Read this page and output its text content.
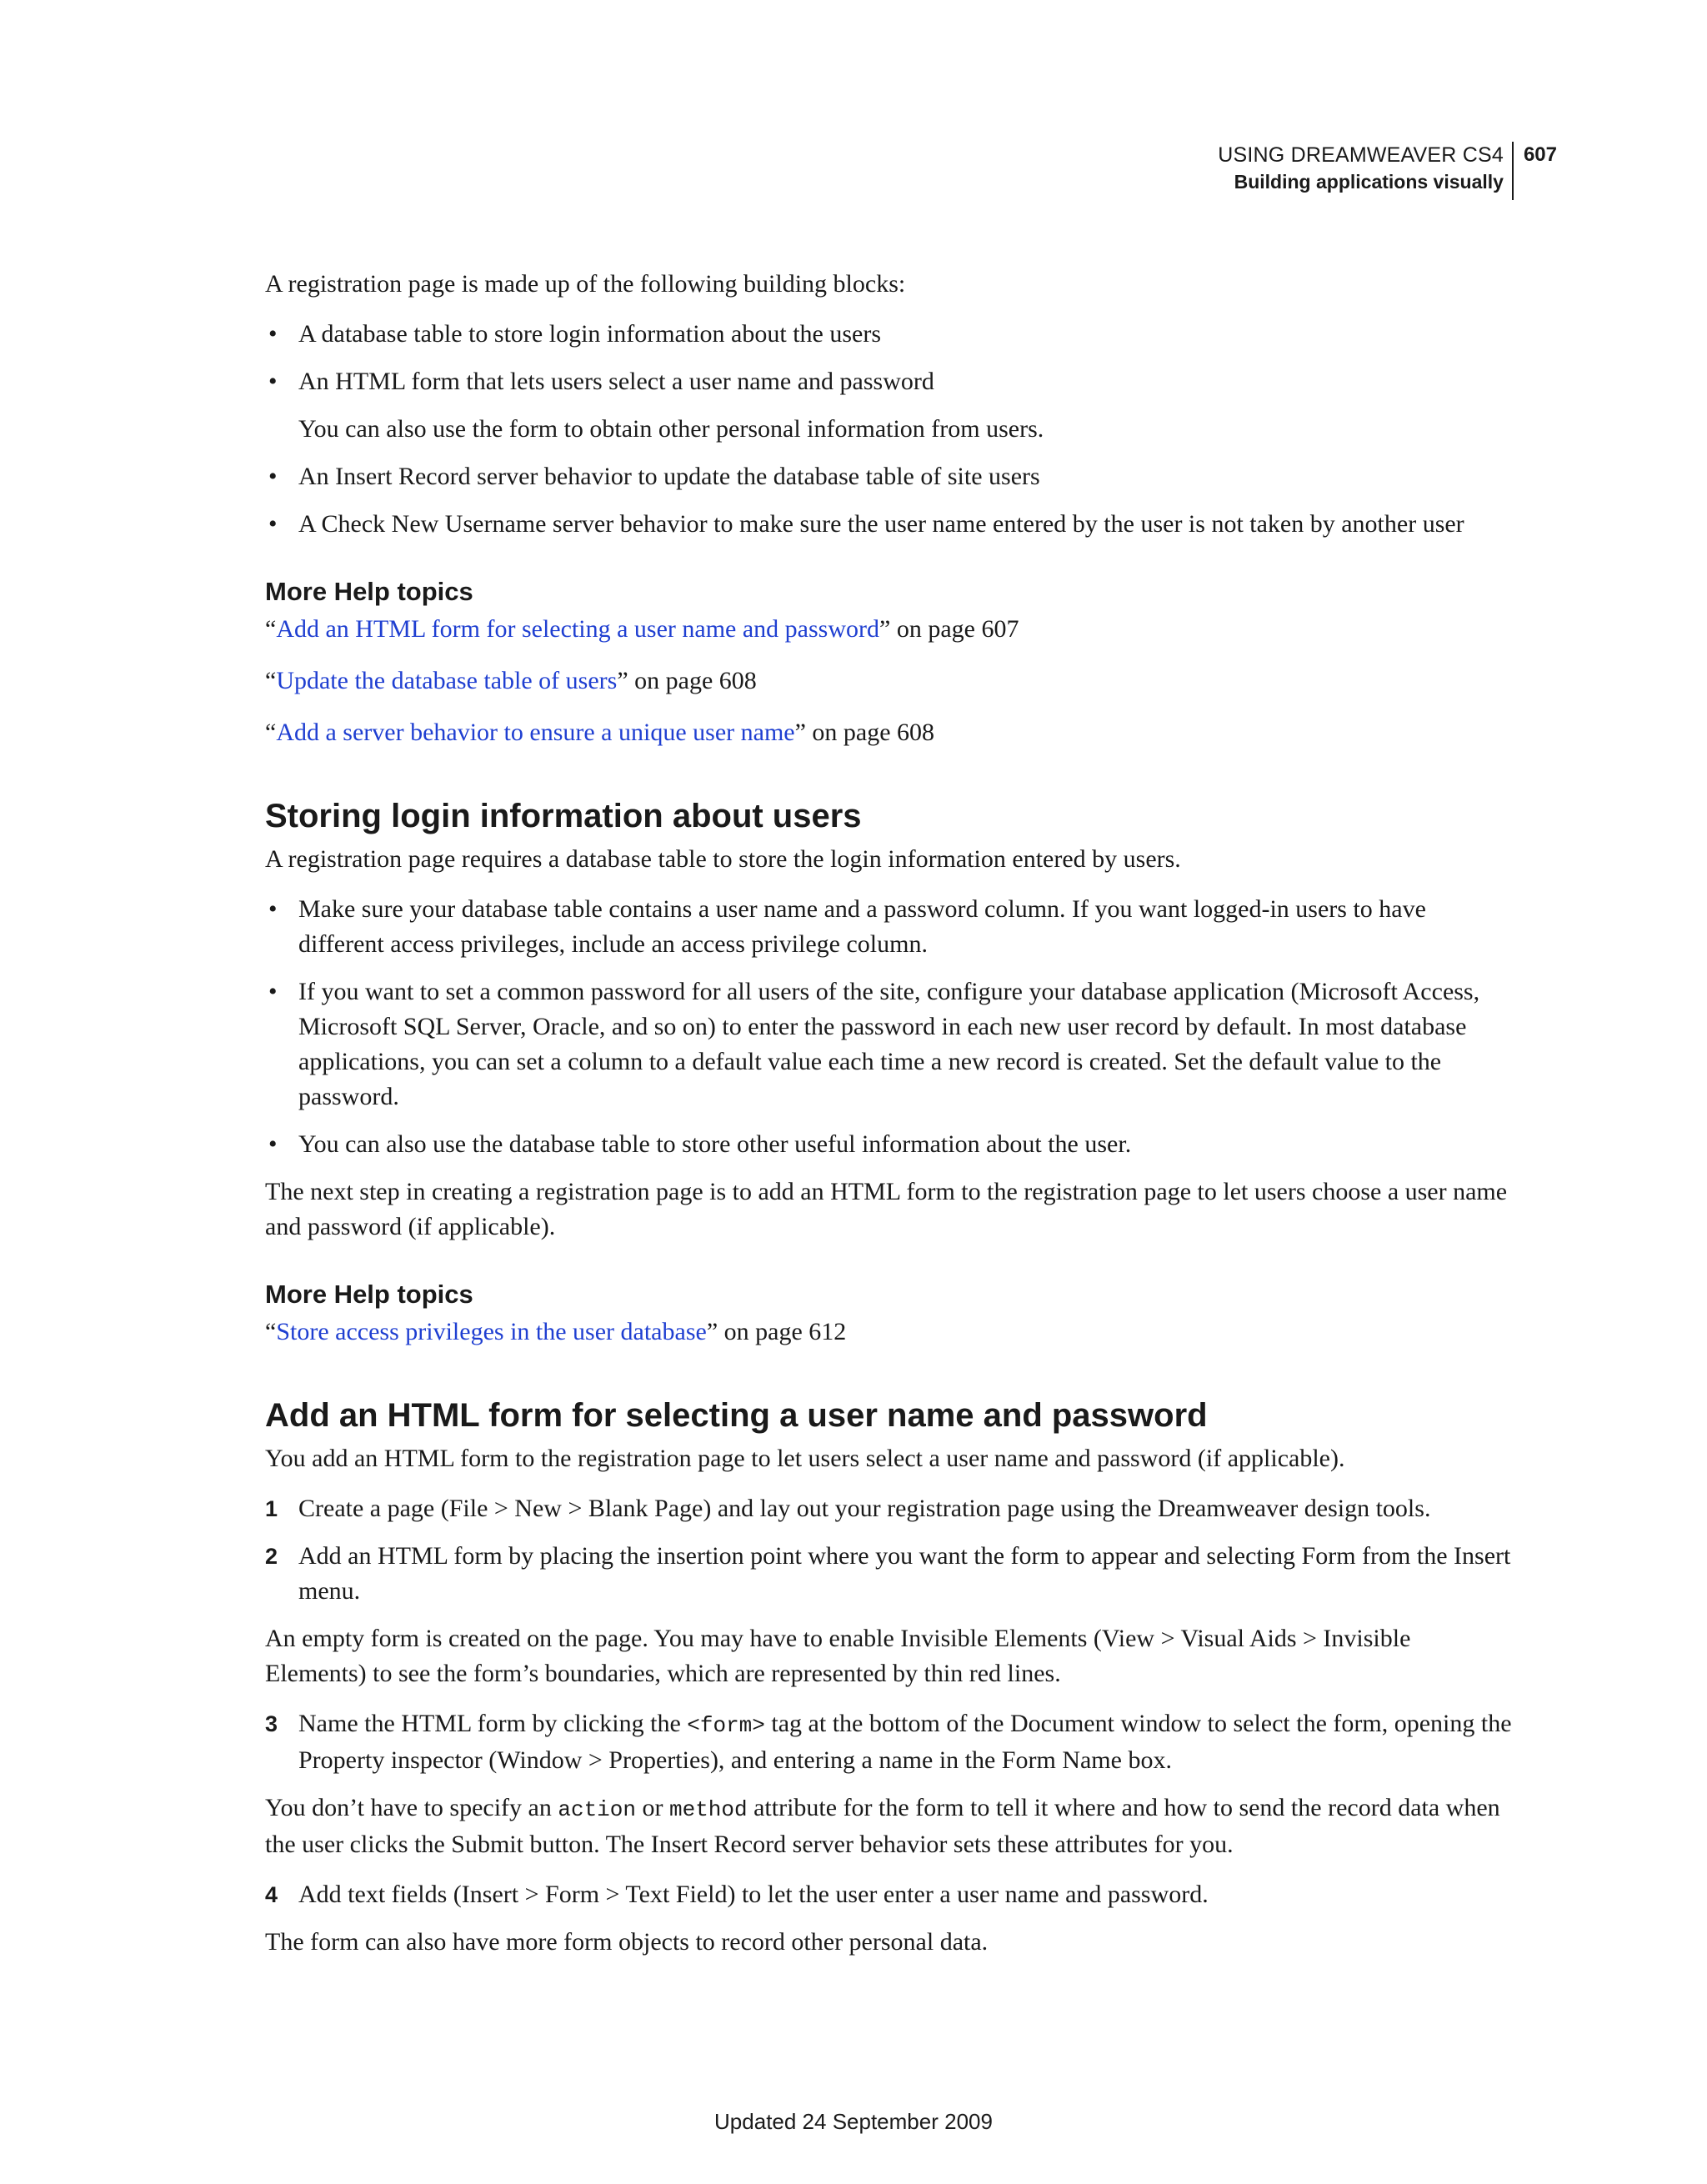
USING DREAMWEAVER CS4
Building applications visually
607

A registration page is made up of the following building blocks:

• A database table to store login information about the users
• An HTML form that lets users select a user name and password

You can also use the form to obtain other personal information from users.

• An Insert Record server behavior to update the database table of site users
• A Check New Username server behavior to make sure the user name entered by the user is not taken by another user
More Help topics

“Add an HTML form for selecting a user name and password” on page 607

“Update the database table of users” on page 608

“Add a server behavior to ensure a unique user name” on page 608

Storing login information about users

A registration page requires a database table to store the login information entered by users.

• Make sure your database table contains a user name and a password column. If you want logged-in users to have different access privileges, include an access privilege column.
• If you want to set a common password for all users of the site, configure your database application (Microsoft Access, Microsoft SQL Server, Oracle, and so on) to enter the password in each new user record by default. In most database applications, you can set a column to a default value each time a new record is created. Set the default value to the password.
• You can also use the database table to store other useful information about the user.

The next step in creating a registration page is to add an HTML form to the registration page to let users choose a user name and password (if applicable).

More Help topics

“Store access privileges in the user database” on page 612

Add an HTML form for selecting a user name and password

You add an HTML form to the registration page to let users select a user name and password (if applicable).

1 Create a page (File > New > Blank Page) and lay out your registration page using the Dreamweaver design tools.
2 Add an HTML form by placing the insertion point where you want the form to appear and selecting Form from the Insert menu.

An empty form is created on the page. You may have to enable Invisible Elements (View > Visual Aids > Invisible Elements) to see the form’s boundaries, which are represented by thin red lines.

3 Name the HTML form by clicking the <form> tag at the bottom of the Document window to select the form, opening the Property inspector (Window > Properties), and entering a name in the Form Name box.

You don’t have to specify an action or method attribute for the form to tell it where and how to send the record data when the user clicks the Submit button. The Insert Record server behavior sets these attributes for you.

4 Add text fields (Insert > Form > Text Field) to let the user enter a user name and password.

The form can also have more form objects to record other personal data.

Updated 24 September 2009
